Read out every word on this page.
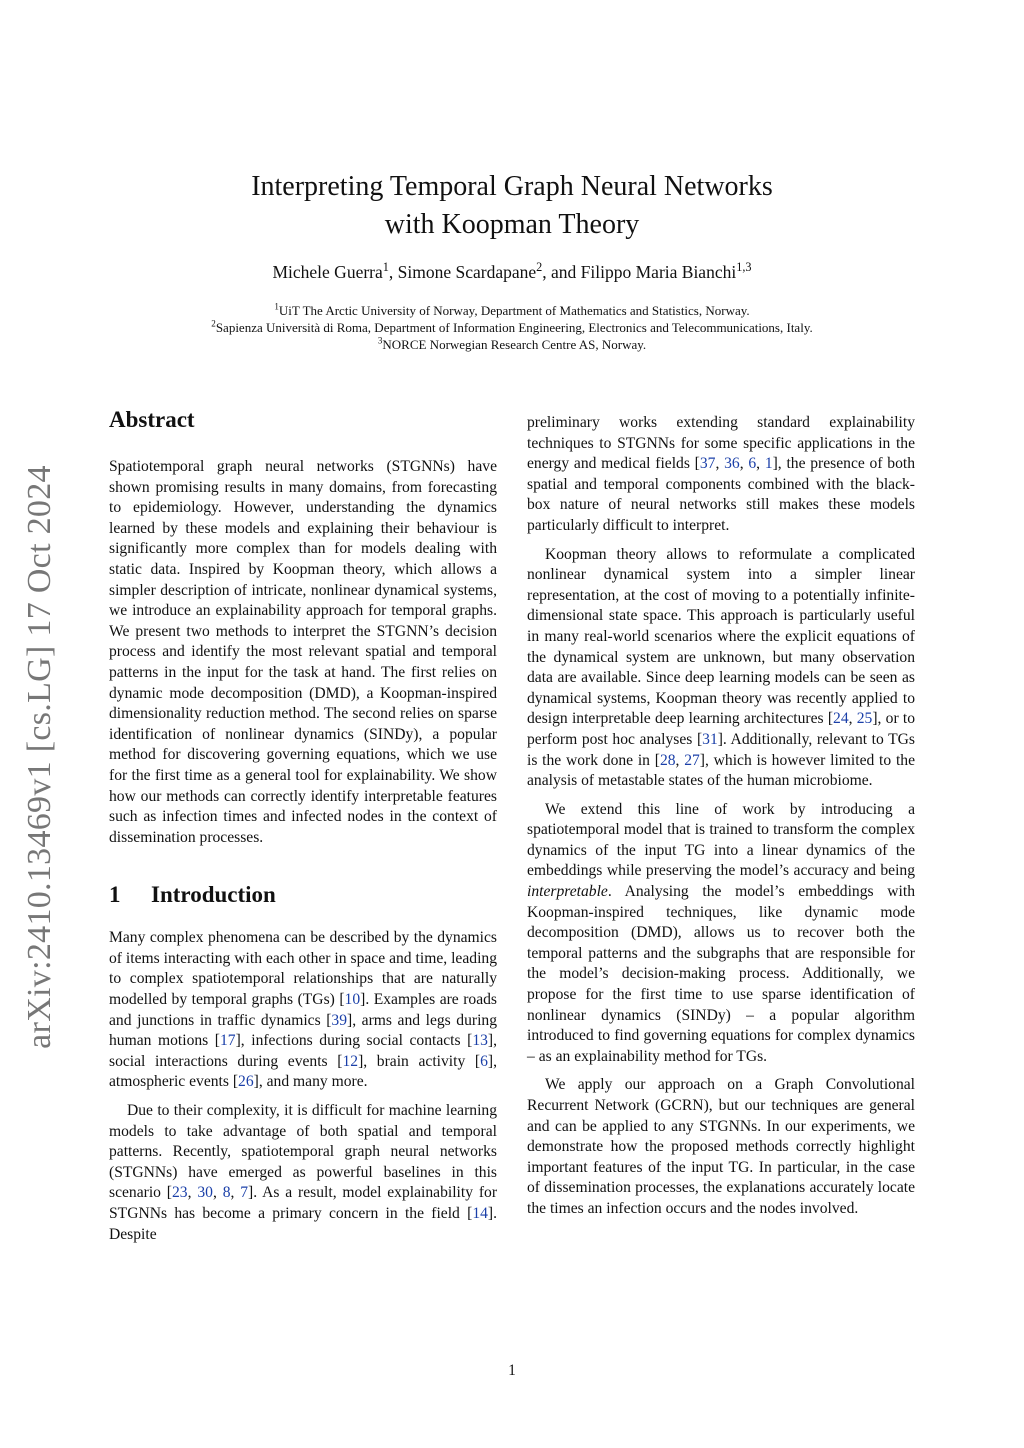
arXiv:2410.13469v1 [cs.LG] 17 Oct 2024
Interpreting Temporal Graph Neural Networks
with Koopman Theory
Michele Guerra$^1$, Simone Scardapane$^2$, and Filippo Maria Bianchi$^{1,3}$
$^1$UiT The Arctic University of Norway, Department of Mathematics and Statistics, Norway.
$^2$Sapienza Università di Roma, Department of Information Engineering, Electronics and Telecommunications, Italy.
$^3$NORCE Norwegian Research Centre AS, Norway.
Abstract

Spatiotemporal graph neural networks (STGNNs) have shown promising results in many domains, from forecasting to epidemiology. However, understanding the dynamics learned by these models and explaining their behaviour is significantly more complex than for models dealing with static data. Inspired by Koopman theory, which allows a simpler description of intricate, nonlinear dynamical systems, we introduce an explainability approach for temporal graphs. We present two methods to interpret the STGNN’s decision process and identify the most relevant spatial and temporal patterns in the input for the task at hand. The first relies on dynamic mode decomposition (DMD), a Koopman-inspired dimensionality reduction method. The second relies on sparse identification of nonlinear dynamics (SINDy), a popular method for discovering governing equations, which we use for the first time as a general tool for explainability. We show how our methods can correctly identify interpretable features such as infection times and infected nodes in the context of dissemination processes.

1 Introduction

Many complex phenomena can be described by the dynamics of items interacting with each other in space and time, leading to complex spatiotemporal relationships that are naturally modelled by temporal graphs (TGs) [10]. Examples are roads and junctions in traffic dynamics [39], arms and legs during human motions [17], infections during social contacts [13], social interactions during events [12], brain activity [6], atmospheric events [26], and many more.

Due to their complexity, it is difficult for machine learning models to take advantage of both spatial and temporal patterns. Recently, spatiotemporal graph neural networks (STGNNs) have emerged as powerful baselines in this scenario [23, 30, 8, 7]. As a result, model explainability for STGNNs has become a primary concern in the field [14]. Despite

preliminary works extending standard explainability techniques to STGNNs for some specific applications in the energy and medical fields [37, 36, 6, 1], the presence of both spatial and temporal components combined with the black-box nature of neural networks still makes these models particularly difficult to interpret.

Koopman theory allows to reformulate a complicated nonlinear dynamical system into a simpler linear representation, at the cost of moving to a potentially infinite-dimensional state space. This approach is particularly useful in many real-world scenarios where the explicit equations of the dynamical system are unknown, but many observation data are available. Since deep learning models can be seen as dynamical systems, Koopman theory was recently applied to design interpretable deep learning architectures [24, 25], or to perform post hoc analyses [31]. Additionally, relevant to TGs is the work done in [28, 27], which is however limited to the analysis of metastable states of the human microbiome.

We extend this line of work by introducing a spatiotemporal model that is trained to transform the complex dynamics of the input TG into a linear dynamics of the embeddings while preserving the model’s accuracy and being interpretable. Analysing the model’s embeddings with Koopman-inspired techniques, like dynamic mode decomposition (DMD), allows us to recover both the temporal patterns and the subgraphs that are responsible for the model’s decision-making process. Additionally, we propose for the first time to use sparse identification of nonlinear dynamics (SINDy) – a popular algorithm introduced to find governing equations for complex dynamics – as an explainability method for TGs.

We apply our approach on a Graph Convolutional Recurrent Network (GCRN), but our techniques are general and can be applied to any STGNNs. In our experiments, we demonstrate how the proposed methods correctly highlight important features of the input TG. In particular, in the case of dissemination processes, the explanations accurately locate the times an infection occurs and the nodes involved.

1
